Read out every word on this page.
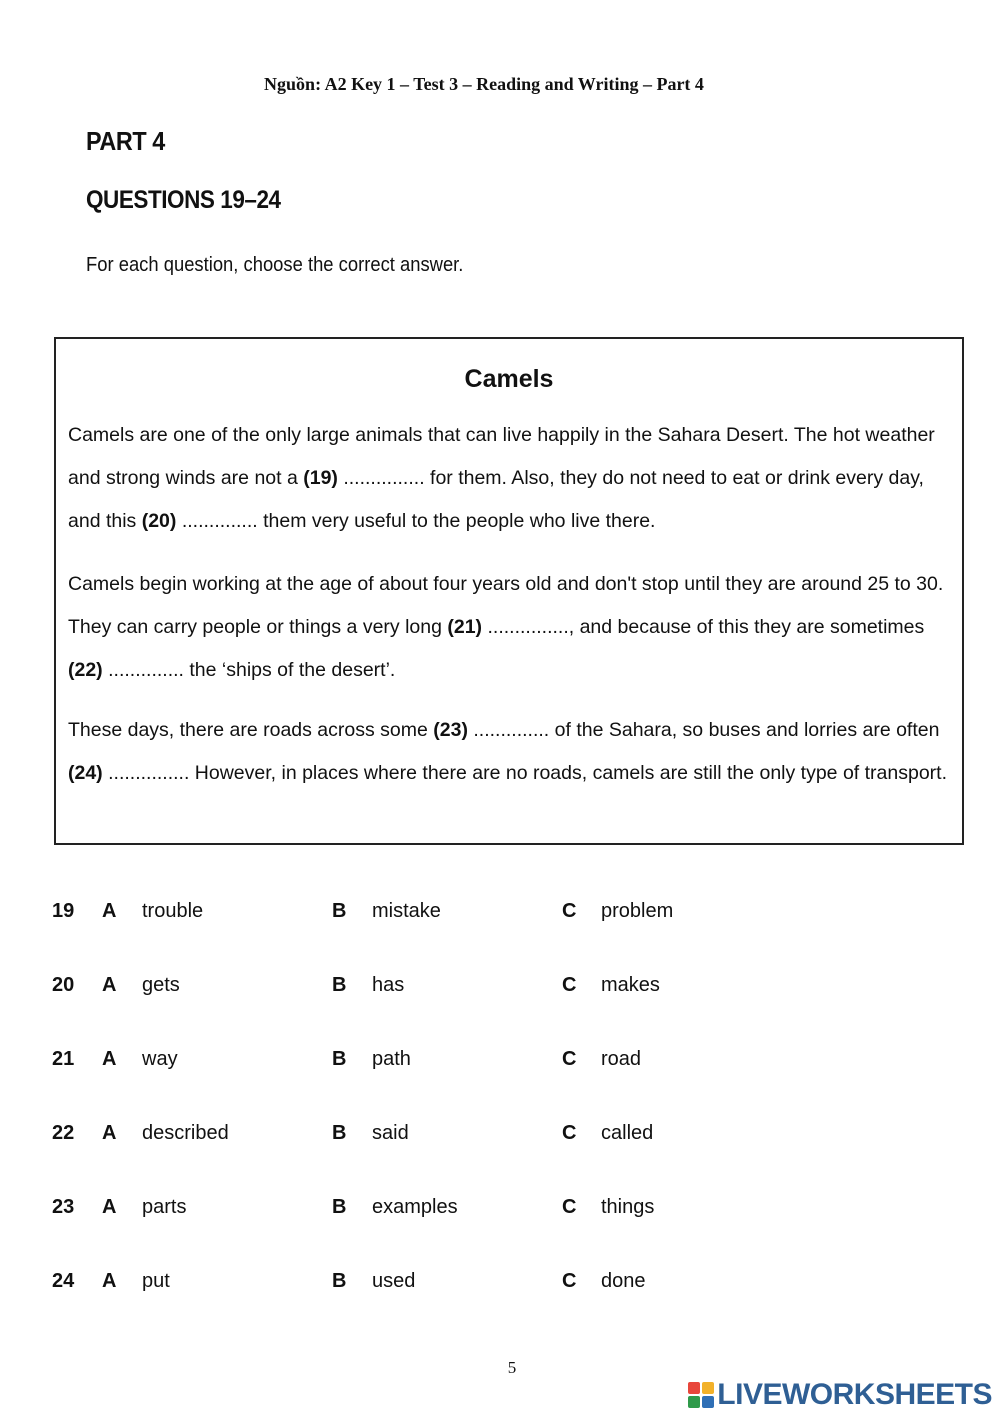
Nguồn: A2 Key 1 – Test 3 – Reading and Writing – Part 4
PART 4
QUESTIONS 19–24
For each question, choose the correct answer.
Camels
Camels are one of the only large animals that can live happily in the Sahara Desert. The hot weather and strong winds are not a (19) ............... for them. Also, they do not need to eat or drink every day, and this (20) .............. them very useful to the people who live there.
Camels begin working at the age of about four years old and don't stop until they are around 25 to 30. They can carry people or things a very long (21) ..............., and because of this they are sometimes (22) .............. the ‘ships of the desert’.
These days, there are roads across some (23) .............. of the Sahara, so buses and lorries are often (24) ............... However, in places where there are no roads, camels are still the only type of transport.
19 A trouble	B mistake	C problem
20 A gets	B has	C makes
21 A way	B path	C road
22 A described	B said	C called
23 A parts	B examples	C things
24 A put	B used	C done
5
LIVEWORKSHEETS
